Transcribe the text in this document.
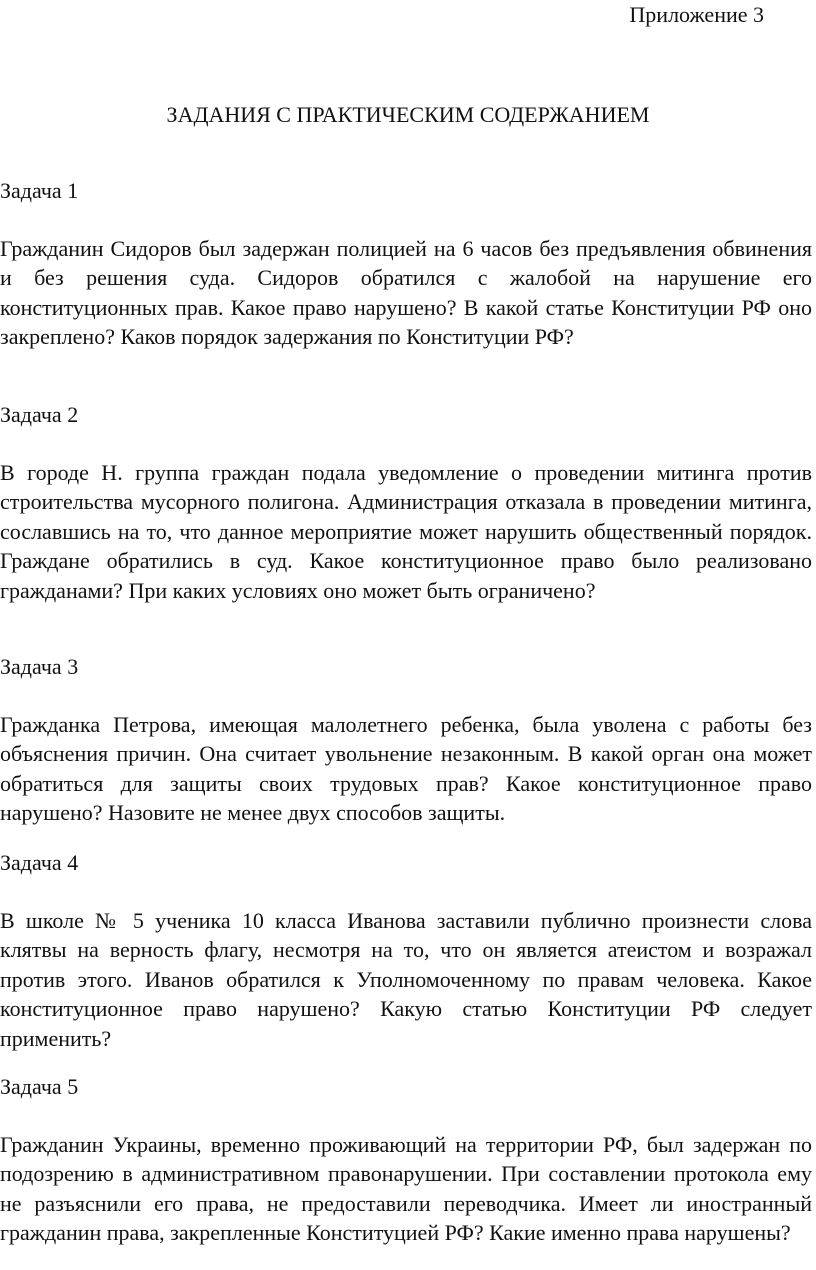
Приложение 3

ЗАДАНИЯ С ПРАКТИЧЕСКИМ СОДЕРЖАНИЕМ

Задача 1

Гражданин Сидоров был задержан полицией на 6 часов без предъявления обвинения и без решения суда. Сидоров обратился с жалобой на нарушение его конституционных прав. Какое право нарушено? В какой статье Конституции РФ оно закреплено? Каков порядок задержания по Конституции РФ?

Задача 2

В городе Н. группа граждан подала уведомление о проведении митинга против строительства мусорного полигона. Администрация отказала в проведении митинга, сославшись на то, что данное мероприятие может нарушить общественный порядок. Граждане обратились в суд. Какое конституционное право было реализовано гражданами? При каких условиях оно может быть ограничено?

Задача 3

Гражданка Петрова, имеющая малолетнего ребенка, была уволена с работы без объяснения причин. Она считает увольнение незаконным. В какой орган она может обратиться для защиты своих трудовых прав? Какое конституционное право нарушено? Назовите не менее двух способов защиты.

Задача 4

В школе № 5 ученика 10 класса Иванова заставили публично произнести слова клятвы на верность флагу, несмотря на то, что он является атеистом и возражал против этого. Иванов обратился к Уполномоченному по правам человека. Какое конституционное право нарушено? Какую статью Конституции РФ следует применить?

Задача 5

Гражданин Украины, временно проживающий на территории РФ, был задержан по подозрению в административном правонарушении. При составлении протокола ему не разъяснили его права, не предоставили переводчика. Имеет ли иностранный гражданин права, закрепленные Конституцией РФ? Какие именно права нарушены?
